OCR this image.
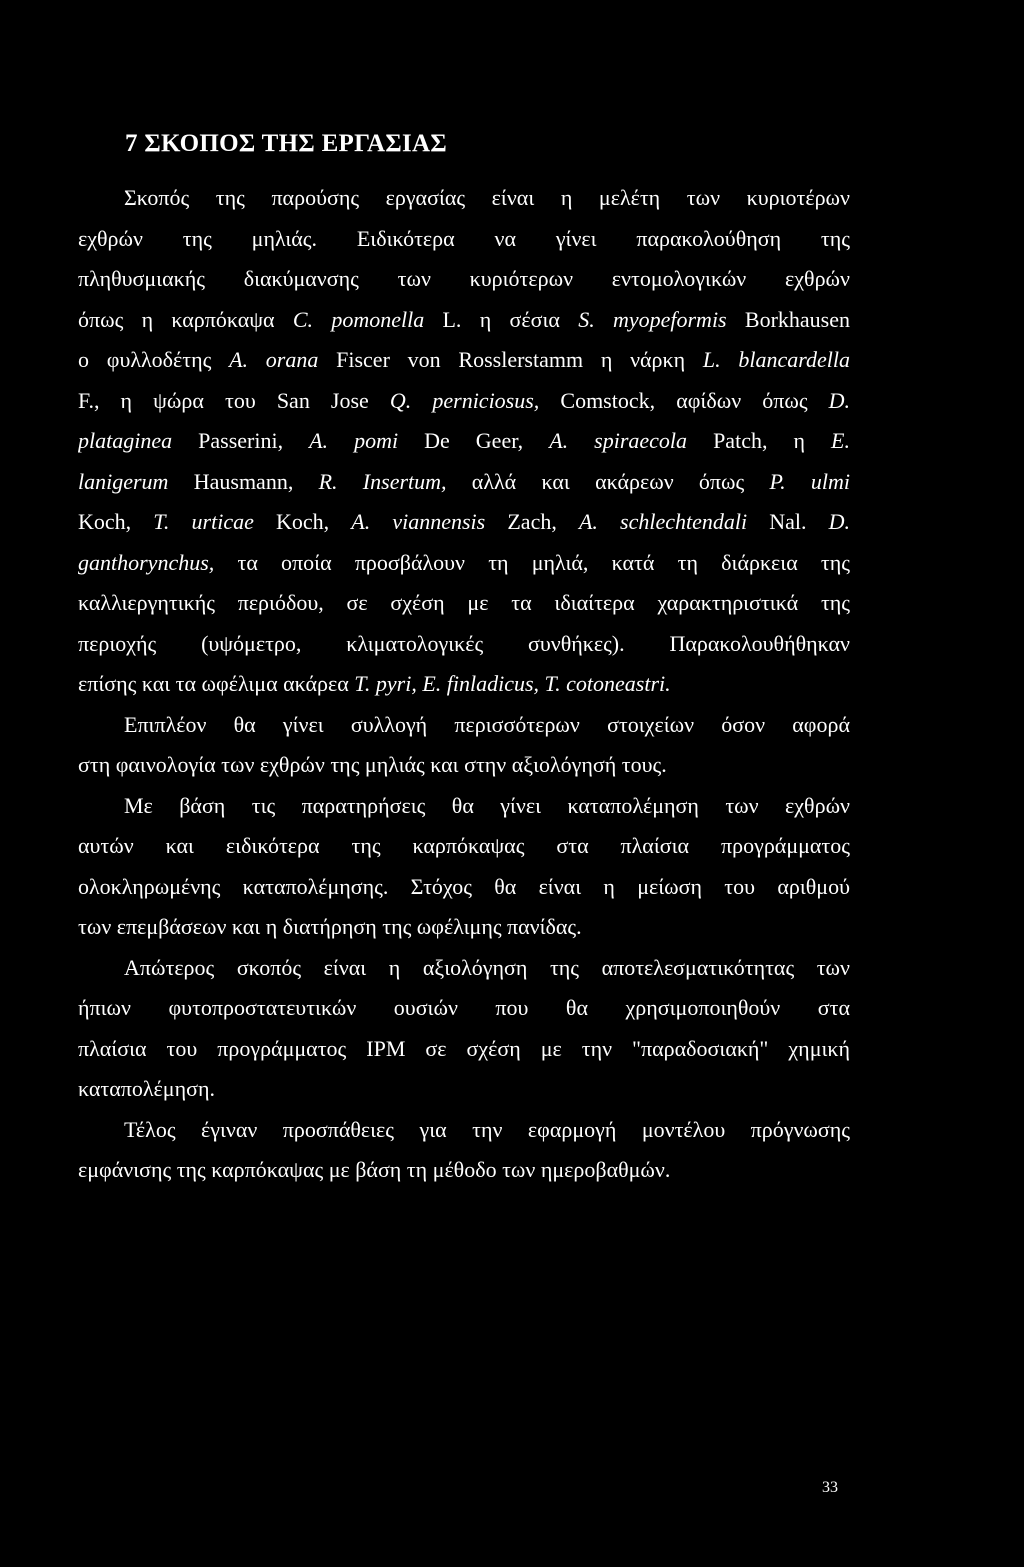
7 ΣΚΟΠΟΣ ΤΗΣ ΕΡΓΑΣΙΑΣ
Σκοπός της παρούσης εργασίας είναι η μελέτη των κυριοτέρων
εχθρών της μηλιάς. Ειδικότερα να γίνει παρακολούθηση της
πληθυσμιακής διακύμανσης των κυριότερων εντομολογικών εχθρών
όπως η καρπόκαψα C. pomonella L. η σέσια S. myopeformis Borkhausen
ο φυλλοδέτης A. orana Fiscer von Rosslerstamm η νάρκη L. blancardella
F., η ψώρα του San Jose Q. perniciosus, Comstock, αφίδων όπως D.
plataginea Passerini, A. pomi De Geer, A. spiraecola Patch, η E.
lanigerum Hausmann, R. Insertum, αλλά και ακάρεων όπως P. ulmi
Koch, T. urticae Koch, A. viannensis Zach, A. schlechtendali Nal. D.
ganthorynchus, τα οποία προσβάλουν τη μηλιά, κατά τη διάρκεια της
καλλιεργητικής περιόδου, σε σχέση με τα ιδιαίτερα χαρακτηριστικά της
περιοχής (υψόμετρο, κλιματολογικές συνθήκες). Παρακολουθήθηκαν
επίσης και τα ωφέλιμα ακάρεα T. pyri, E. finladicus, T. cotoneastri.
Επιπλέον θα γίνει συλλογή περισσότερων στοιχείων όσον αφορά
στη φαινολογία των εχθρών της μηλιάς και στην αξιολόγησή τους.
Με βάση τις παρατηρήσεις θα γίνει καταπολέμηση των εχθρών
αυτών και ειδικότερα της καρπόκαψας στα πλαίσια προγράμματος
ολοκληρωμένης καταπολέμησης. Στόχος θα είναι η μείωση του αριθμού
των επεμβάσεων και η διατήρηση της ωφέλιμης πανίδας.
Απώτερος σκοπός είναι η αξιολόγηση της αποτελεσματικότητας των
ήπιων φυτοπροστατευτικών ουσιών που θα χρησιμοποιηθούν στα
πλαίσια του προγράμματος IPM σε σχέση με την "παραδοσιακή" χημική
καταπολέμηση.
Τέλος έγιναν προσπάθειες για την εφαρμογή μοντέλου πρόγνωσης
εμφάνισης της καρπόκαψας με βάση τη μέθοδο των ημεροβαθμών.
33
